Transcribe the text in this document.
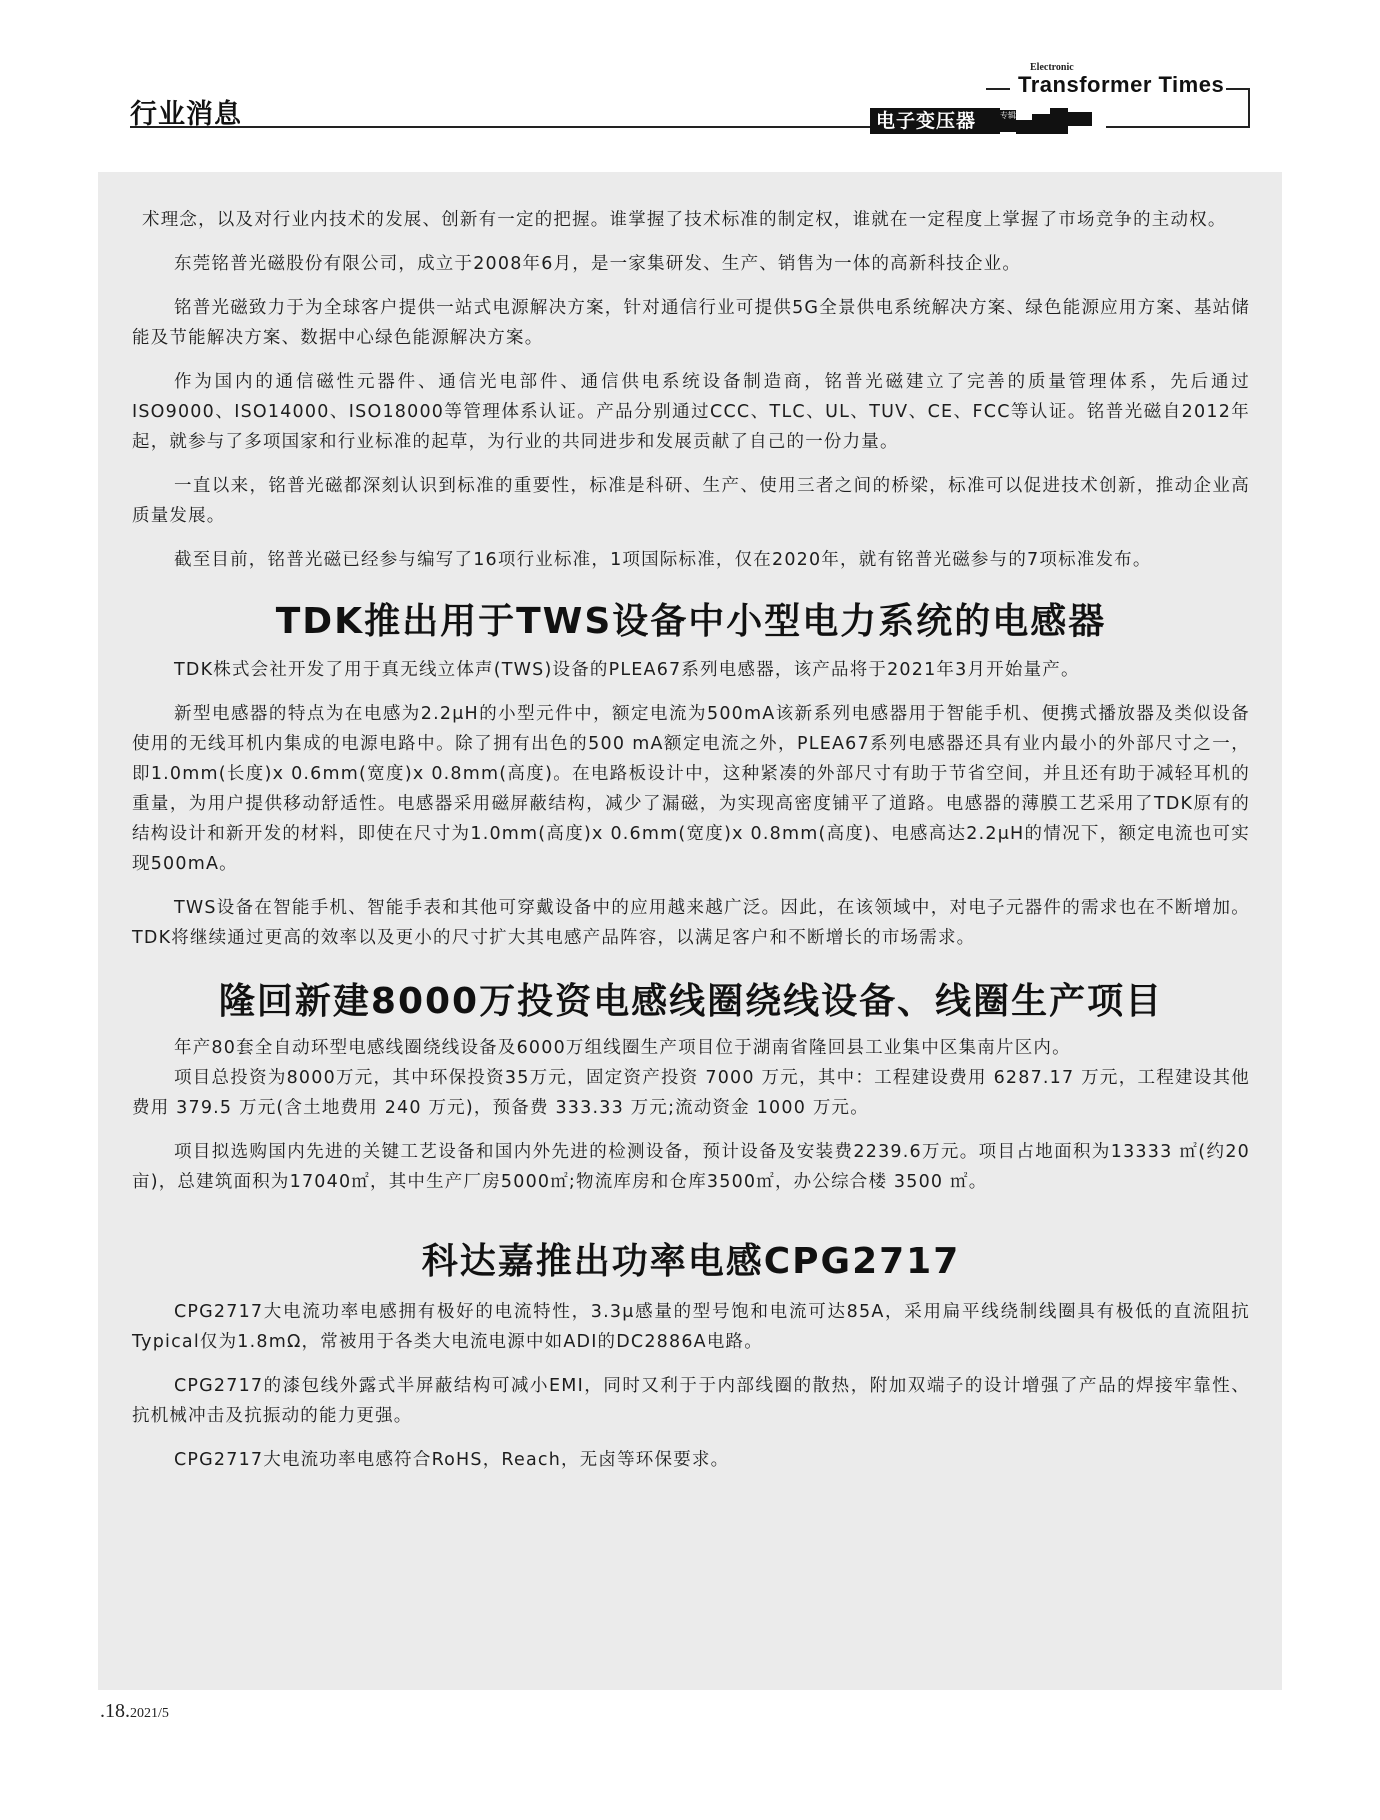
行业消息
Electronic
Transformer Times
电子变压器	专辑

术理念，以及对行业内技术的发展、创新有一定的把握。谁掌握了技术标准的制定权，谁就在一定程度上掌握了市场竞争的主动权。

东莞铭普光磁股份有限公司，成立于2008年6月，是一家集研发、生产、销售为一体的高新科技企业。

铭普光磁致力于为全球客户提供一站式电源解决方案，针对通信行业可提供5G全景供电系统解决方案、绿色能源应用方案、基站储能及节能解决方案、数据中心绿色能源解决方案。

作为国内的通信磁性元器件、通信光电部件、通信供电系统设备制造商，铭普光磁建立了完善的质量管理体系，先后通过ISO9000、ISO14000、ISO18000等管理体系认证。产品分别通过CCC、TLC、UL、TUV、CE、FCC等认证。铭普光磁自2012年起，就参与了多项国家和行业标准的起草，为行业的共同进步和发展贡献了自己的一份力量。

一直以来，铭普光磁都深刻认识到标准的重要性，标准是科研、生产、使用三者之间的桥梁，标准可以促进技术创新，推动企业高质量发展。

截至目前，铭普光磁已经参与编写了16项行业标准，1项国际标准，仅在2020年，就有铭普光磁参与的7项标准发布。

TDK推出用于TWS设备中小型电力系统的电感器

TDK株式会社开发了用于真无线立体声(TWS)设备的PLEA67系列电感器，该产品将于2021年3月开始量产。

新型电感器的特点为在电感为2.2μH的小型元件中，额定电流为500mA该新系列电感器用于智能手机、便携式播放器及类似设备使用的无线耳机内集成的电源电路中。除了拥有出色的500 mA额定电流之外，PLEA67系列电感器还具有业内最小的外部尺寸之一，即1.0mm(长度)x 0.6mm(宽度)x 0.8mm(高度)。在电路板设计中，这种紧凑的外部尺寸有助于节省空间，并且还有助于减轻耳机的重量，为用户提供移动舒适性。电感器采用磁屏蔽结构，减少了漏磁，为实现高密度铺平了道路。电感器的薄膜工艺采用了TDK原有的结构设计和新开发的材料，即使在尺寸为1.0mm(高度)x 0.6mm(宽度)x 0.8mm(高度)、电感高达2.2μH的情况下，额定电流也可实现500mA。

TWS设备在智能手机、智能手表和其他可穿戴设备中的应用越来越广泛。因此，在该领域中，对电子元器件的需求也在不断增加。TDK将继续通过更高的效率以及更小的尺寸扩大其电感产品阵容，以满足客户和不断增长的市场需求。

隆回新建8000万投资电感线圈绕线设备、线圈生产项目

年产80套全自动环型电感线圈绕线设备及6000万组线圈生产项目位于湖南省隆回县工业集中区集南片区内。

项目总投资为8000万元，其中环保投资35万元，固定资产投资 7000 万元，其中：工程建设费用 6287.17 万元，工程建设其他费用 379.5 万元(含土地费用 240 万元)，预备费 333.33 万元;流动资金 1000 万元。

项目拟选购国内先进的关键工艺设备和国内外先进的检测设备，预计设备及安装费2239.6万元。项目占地面积为13333 ㎡(约20 亩)，总建筑面积为17040㎡，其中生产厂房5000㎡;物流库房和仓库3500㎡，办公综合楼 3500 ㎡。

科达嘉推出功率电感CPG2717

CPG2717大电流功率电感拥有极好的电流特性，3.3μ感量的型号饱和电流可达85A，采用扁平线绕制线圈具有极低的直流阻抗Typical仅为1.8mΩ，常被用于各类大电流电源中如ADI的DC2886A电路。

CPG2717的漆包线外露式半屏蔽结构可减小EMI，同时又利于于内部线圈的散热，附加双端子的设计增强了产品的焊接牢靠性、抗机械冲击及抗振动的能力更强。

CPG2717大电流功率电感符合RoHS，Reach，无卤等环保要求。

.18.2021/5
